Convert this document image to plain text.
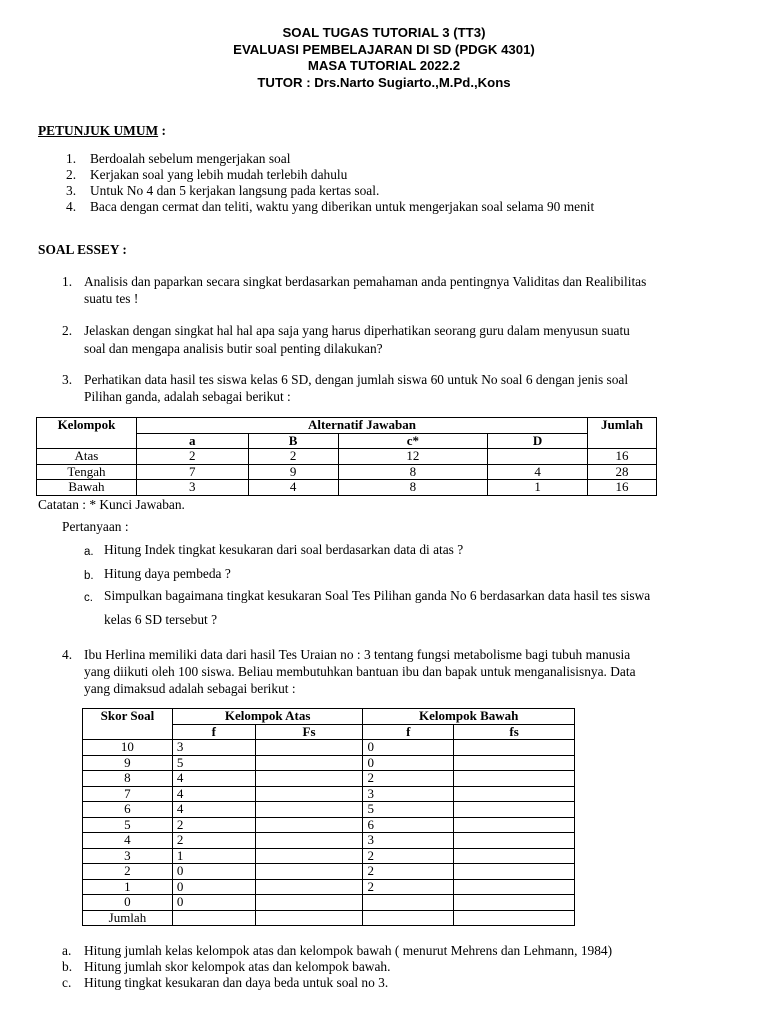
SOAL TUGAS TUTORIAL 3 (TT3)
EVALUASI PEMBELAJARAN DI SD (PDGK 4301)
MASA TUTORIAL 2022.2
TUTOR : Drs.Narto Sugiarto.,M.Pd.,Kons
PETUNJUK UMUM :
1. Berdoalah sebelum mengerjakan soal
2. Kerjakan soal yang lebih mudah terlebih dahulu
3. Untuk No 4 dan 5 kerjakan langsung pada kertas soal.
4. Baca dengan cermat dan teliti, waktu yang diberikan untuk mengerjakan soal selama 90 menit
SOAL ESSEY :
1. Analisis dan paparkan secara singkat berdasarkan pemahaman anda pentingnya Validitas dan Realibilitas
suatu tes !
2. Jelaskan dengan singkat hal hal apa saja yang harus diperhatikan seorang guru dalam menyusun suatu
soal dan mengapa analisis butir soal penting dilakukan?
3. Perhatikan data hasil tes siswa kelas 6 SD, dengan jumlah siswa 60 untuk No soal 6 dengan jenis soal
Pilihan ganda, adalah sebagai berikut :
Kelompok	Alternatif Jawaban				Jumlah
	a	B	c*	D	
Atas	2	2	12		16
Tengah	7	9	8	4	28
Bawah	3	4	8	1	16
Catatan : * Kunci Jawaban.
Pertanyaan :
a. Hitung Indek tingkat kesukaran dari soal berdasarkan data di atas ?
b. Hitung daya pembeda ?
c. Simpulkan bagaimana tingkat kesukaran Soal Tes Pilihan ganda No 6 berdasarkan data hasil tes siswa
kelas 6 SD tersebut ?
4. Ibu Herlina memiliki data dari hasil Tes Uraian no : 3 tentang fungsi metabolisme bagi tubuh manusia
yang diikuti oleh 100 siswa. Beliau membutuhkan bantuan ibu dan bapak untuk menganalisisnya. Data
yang dimaksud adalah sebagai berikut :
Skor Soal	Kelompok Atas		Kelompok Bawah	
	f	Fs	f	fs
10	3		0	
9	5		0	
8	4		2	
7	4		3	
6	4		5	
5	2		6	
4	2		3	
3	1		2	
2	0		2	
1	0		2	
0	0			
Jumlah				
a. Hitung jumlah kelas kelompok atas dan kelompok bawah ( menurut Mehrens dan Lehmann, 1984)
b. Hitung jumlah skor kelompok atas dan kelompok bawah.
c. Hitung tingkat kesukaran dan daya beda untuk soal no 3.
